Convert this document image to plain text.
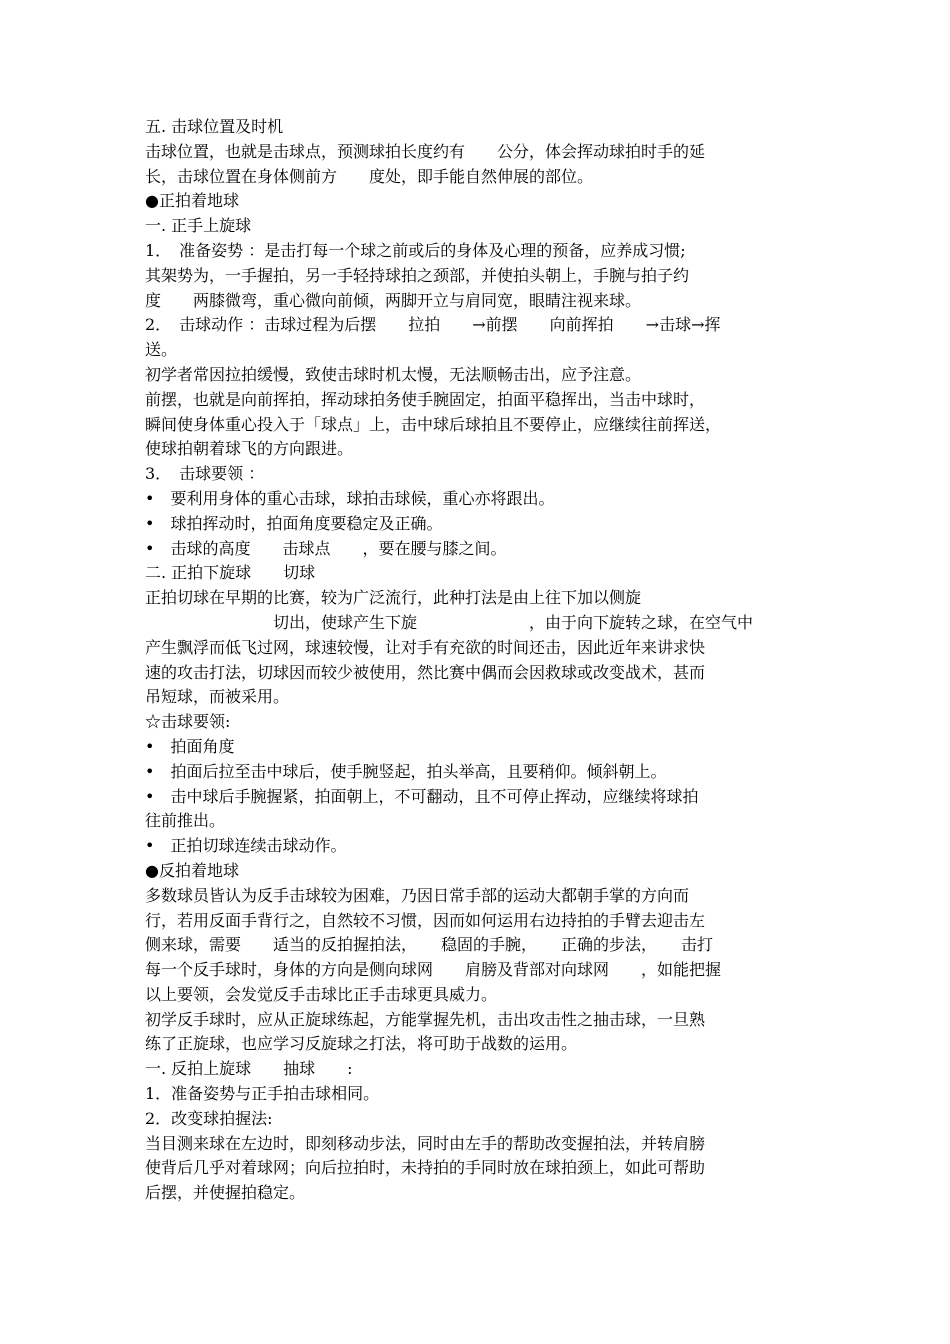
五. 击球位置及时机
击球位置，也就是击球点，预测球拍长度约有　　公分，体会挥动球拍时手的延
长，击球位置在身体侧前方　　度处，即手能自然伸展的部位。
●正拍着地球
一. 正手上旋球
1．　准备姿势 ：是击打每一个球之前或后的身体及心理的预备，应养成习惯;
其架势为，一手握拍，另一手轻持球拍之颈部，并使拍头朝上，手腕与拍子约
度　　两膝微弯，重心微向前倾，两脚开立与肩同宽，眼睛注视来球。
2．　击球动作 ：击球过程为后摆　　拉拍　　→前摆　　向前挥拍　　→击球→挥
送。
初学者常因拉拍缓慢，致使击球时机太慢，无法顺畅击出，应予注意。
前摆，也就是向前挥拍，挥动球拍务使手腕固定，拍面平稳挥出，当击中球时，
瞬间使身体重心投入于「球点」上，击中球后球拍且不要停止，应继续往前挥送，
使球拍朝着球飞的方向跟进。
3．　击球要领 ：
•　要利用身体的重心击球，球拍击球候，重心亦将跟出。
•　球拍挥动时，拍面角度要稳定及正确。
•　击球的高度　　击球点　　，要在腰与膝之间。
二. 正拍下旋球　　切球
正拍切球在早期的比赛，较为广泛流行，此种打法是由上往下加以侧旋
　　　　　　　　切出，使球产生下旋　　　　　　　，由于向下旋转之球，在空气中
产生飘浮而低飞过网，球速较慢，让对手有充欲的时间还击，因此近年来讲求快
速的攻击打法，切球因而较少被使用，然比赛中偶而会因救球或改变战术，甚而
吊短球，而被采用。
☆击球要领:
•　拍面角度
•　拍面后拉至击中球后，使手腕竖起，拍头举高，且要稍仰。倾斜朝上。
•　击中球后手腕握紧，拍面朝上，不可翻动，且不可停止挥动，应继续将球拍
往前推出。
•　正拍切球连续击球动作。
●反拍着地球
多数球员皆认为反手击球较为困难，乃因日常手部的运动大都朝手掌的方向而
行，若用反面手背行之，自然较不习惯，因而如何运用右边持拍的手臂去迎击左
侧来球，需要　　适当的反拍握拍法，　　稳固的手腕，　　正确的步法，　　击打
每一个反手球时，身体的方向是侧向球网　　肩膀及背部对向球网　　，如能把握
以上要领，会发觉反手击球比正手击球更具威力。
初学反手球时，应从正旋球练起，方能掌握先机，击出攻击性之抽击球，一旦熟
练了正旋球，也应学习反旋球之打法，将可助于战数的运用。
一. 反拍上旋球　　抽球　　:
1．准备姿势与正手拍击球相同。
2．改变球拍握法:
当目测来球在左边时，即刻移动步法，同时由左手的帮助改变握拍法，并转肩膀
使背后几乎对着球网；向后拉拍时，未持拍的手同时放在球拍颈上，如此可帮助
后摆，并使握拍稳定。
